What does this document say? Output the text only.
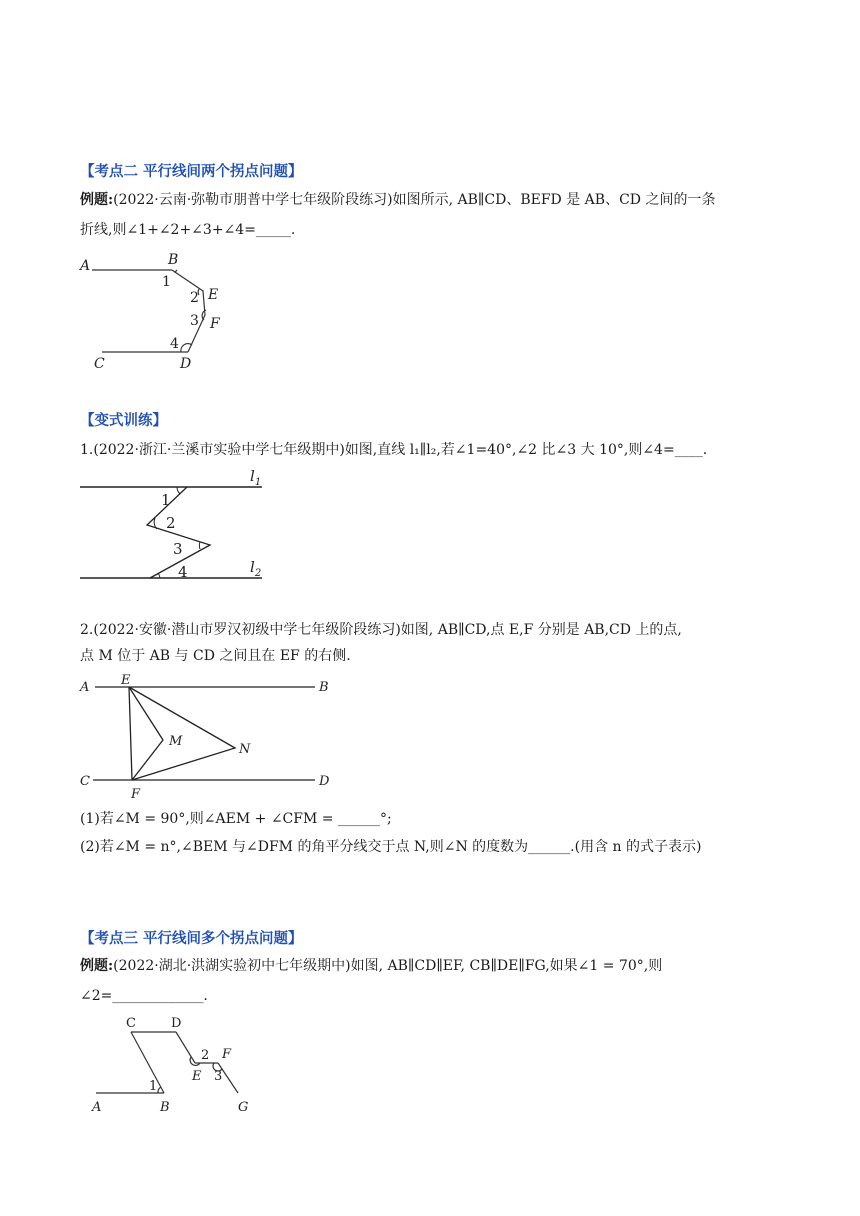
【考点二 平行线间两个拐点问题】
例题:(2022·云南·弥勒市朋普中学七年级阶段练习)如图所示, AB∥CD、BEFD 是 AB、CD 之间的一条
折线,则∠1+∠2+∠3+∠4=_____.
A	B
1
2 E
3 F
C
4
D
【变式训练】
1.(2022·浙江·兰溪市实验中学七年级期中)如图,直线 l₁∥l₂,若∠1=40°,∠2 比∠3 大 10°,则∠4=____.
$l_1$
$l_2$
1
2
3
4
2.(2022·安徽·潜山市罗汉初级中学七年级阶段练习)如图, AB∥CD,点 E,F 分别是 AB,CD 上的点,
点 M 位于 AB 与 CD 之间且在 EF 的右侧.
A E	B
M
N
C
F
D
(1)若∠M = 90°,则∠AEM + ∠CFM = ______°;
(2)若∠M = n°,∠BEM 与∠DFM 的角平分线交于点 N,则∠N 的度数为______.(用含 n 的式子表示)
【考点三 平行线间多个拐点问题】
例题:(2022·湖北·洪湖实验初中七年级期中)如图, AB∥CD∥EF, CB∥DE∥FG,如果∠1 = 70°,则
∠2=_____________.
C	D
2 F
1
E 3
A	B	G
